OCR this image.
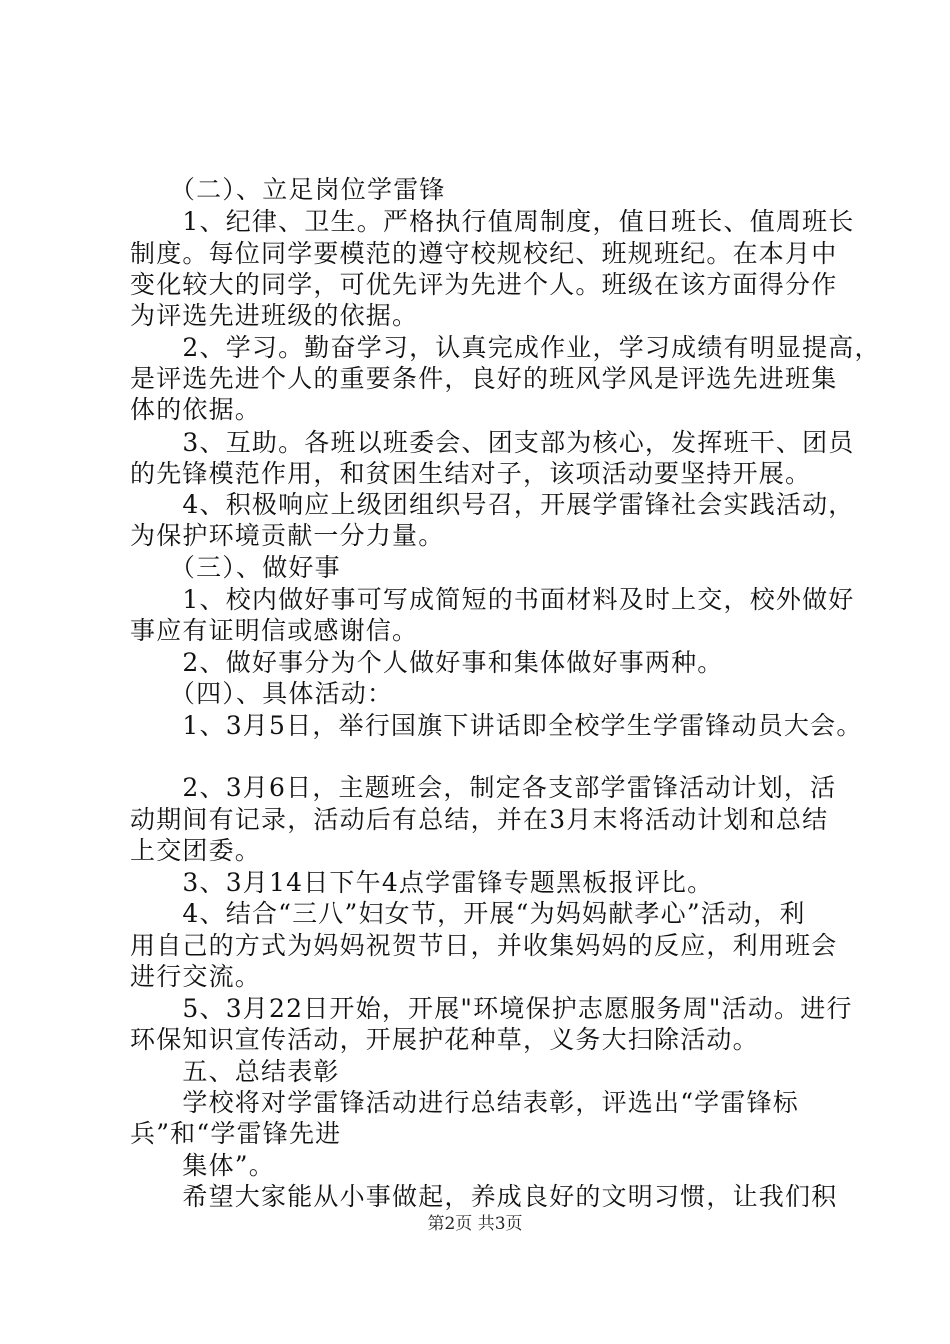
　　（二）、立足岗位学雷锋
　　1、纪律、卫生。严格执行值周制度，值日班长、值周班长
制度。每位同学要模范的遵守校规校纪、班规班纪。在本月中
变化较大的同学，可优先评为先进个人。班级在该方面得分作
为评选先进班级的依据。
　　2、学习。勤奋学习，认真完成作业，学习成绩有明显提高，
是评选先进个人的重要条件，良好的班风学风是评选先进班集
体的依据。
　　3、互助。各班以班委会、团支部为核心，发挥班干、团员
的先锋模范作用，和贫困生结对子，该项活动要坚持开展。
　　4、积极响应上级团组织号召，开展学雷锋社会实践活动，
为保护环境贡献一分力量。
　　（三）、做好事
　　1、校内做好事可写成简短的书面材料及时上交，校外做好
事应有证明信或感谢信。
　　2、做好事分为个人做好事和集体做好事两种。
　　（四）、具体活动：
　　1、3月5日，举行国旗下讲话即全校学生学雷锋动员大会。
　　2、3月6日，主题班会，制定各支部学雷锋活动计划，活
动期间有记录，活动后有总结，并在3月末将活动计划和总结
上交团委。
　　3、3月14日下午4点学雷锋专题黑板报评比。
　　4、结合“三八”妇女节，开展“为妈妈献孝心”活动，利
用自己的方式为妈妈祝贺节日，并收集妈妈的反应，利用班会
进行交流。
　　5、3月22日开始，开展"环境保护志愿服务周"活动。进行
环保知识宣传活动，开展护花种草，义务大扫除活动。
　　五、总结表彰
　　学校将对学雷锋活动进行总结表彰，评选出“学雷锋标
兵”和“学雷锋先进
　　集体”。
　　希望大家能从小事做起，养成良好的文明习惯，让我们积
第2页 共3页
